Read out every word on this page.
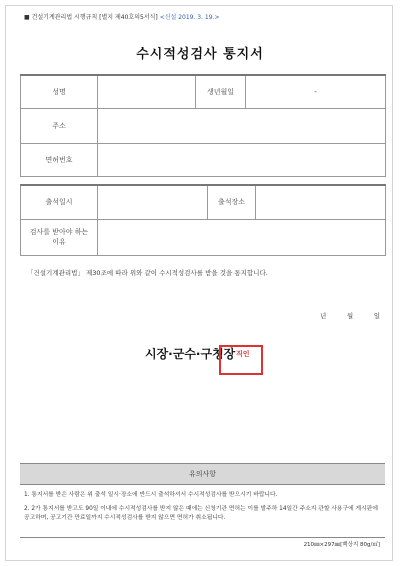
■ 건설기계관리법 시행규칙 [별지 제40호의5서식] <신설 2019. 3. 19.>
수시적성검사 통지서
성명		생년월일	-
주소			
면허번호			
출석일시		출석장소	
검사를 받아야 하는 이유			
「건설기계관리법」 제30조에 따라 위와 같이 수시적성검사를 받을 것을 통지합니다.
년	월	일
시장·군수·구청장 직인
유의사항
1. 통지서를 받은 사람은 위 출석 일시·장소에 반드시 출석하셔서 수시적성검사를 받으시기 바랍니다.
2. 2가 통지서를 받고도 90일 이내에 수시적성검사를 받지 않은 때에는 신청기관 면허는 이를 발주하 14일간 주소지 관할 사용구에 게시판에 공고하며, 공고기간 만료일까지 수시적성검사를 받지 않으면 면허가 취소됩니다.
210㎜×297㎜[백상지 80g/㎡]
